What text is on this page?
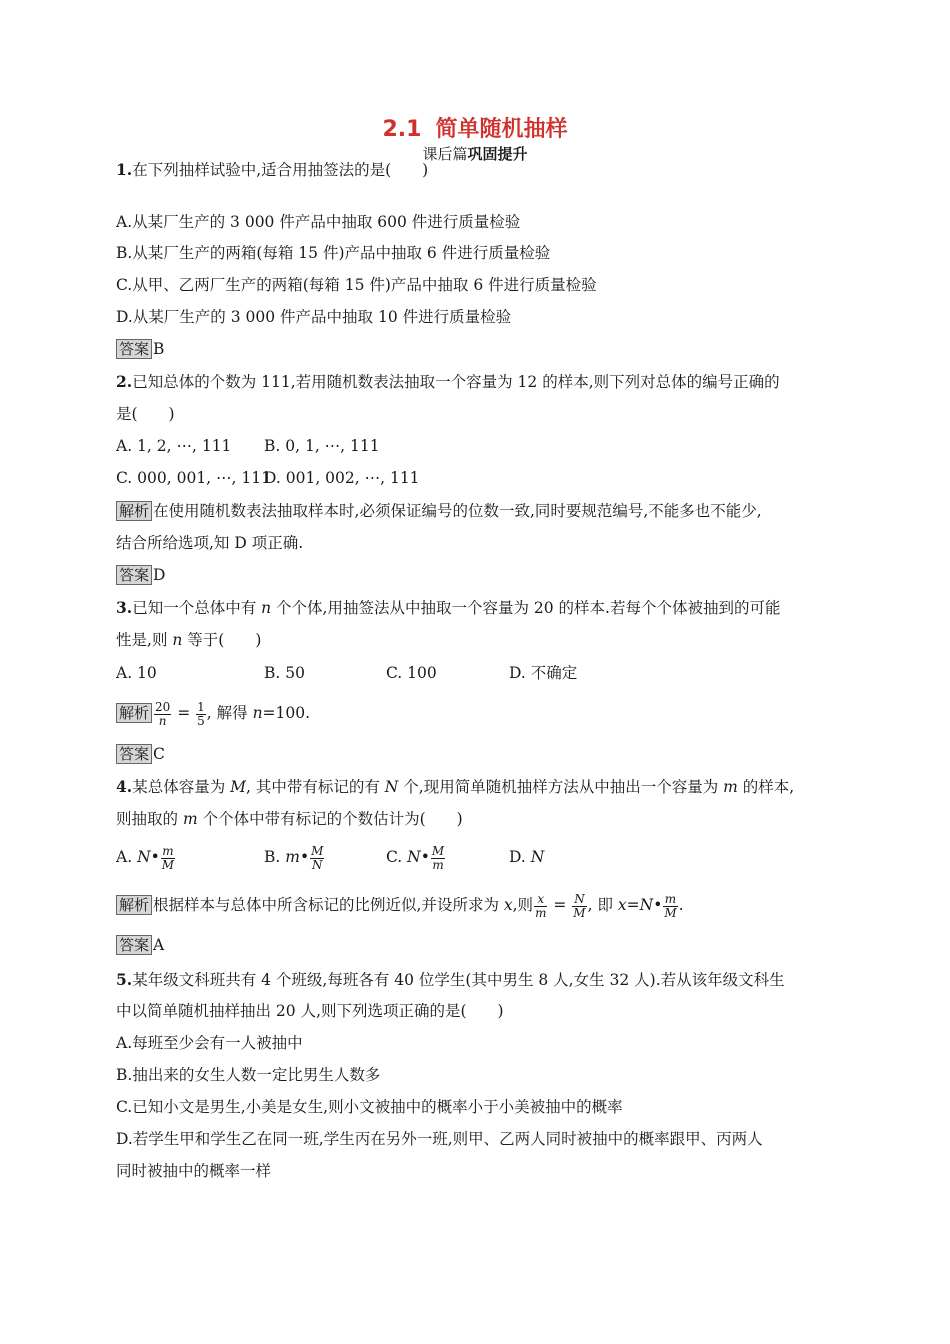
2.1 简单随机抽样
课后篇巩固提升
1.在下列抽样试验中,适合用抽签法的是(　　)
A.从某厂生产的 3 000 件产品中抽取 600 件进行质量检验
B.从某厂生产的两箱(每箱 15 件)产品中抽取 6 件进行质量检验
C.从甲、乙两厂生产的两箱(每箱 15 件)产品中抽取 6 件进行质量检验
D.从某厂生产的 3 000 件产品中抽取 10 件进行质量检验
答案 B
2.已知总体的个数为 111,若用随机数表法抽取一个容量为 12 的样本,则下列对总体的编号正确的
是(　　)
A. 1, 2, ⋯, 111 B. 0, 1, ⋯, 111
C. 000, 001, ⋯, 111
D. 001, 002, ⋯, 111
解析 在使用随机数表法抽取样本时,必须保证编号的位数一致,同时要规范编号,不能多也不能少,
结合所给选项,知 D 项正确.
答案 D
3.已知一个总体中有 n 个个体,用抽签法从中抽取一个容量为 20 的样本.若每个个体被抽到的可能
性是,则 n 等于(　　)
A. 10	B. 50	C. 100	D. 不确定
解析 $\frac{20}{n} = \frac{1}{5}$ , 解得 n=100.
答案 C
4.某总体容量为 M, 其中带有标记的有 N 个,现用简单随机抽样方法从中抽出一个容量为 m 的样本,
则抽取的 m 个个体中带有标记的个数估计为(　　)
A. N• $\frac{m}{M}$	B. m• $\frac{M}{N}$	C. N• $\frac{M}{m}$	D. N
解析 根据样本与总体中所含标记的比例近似,并设所求为 x,则 $\frac{x}{m} = \frac{N}{M}$ , 即 x=N• $\frac{m}{M}$ .
答案 A
5.某年级文科班共有 4 个班级,每班各有 40 位学生(其中男生 8 人,女生 32 人).若从该年级文科生
中以简单随机抽样抽出 20 人,则下列选项正确的是(　　)
A.每班至少会有一人被抽中
B.抽出来的女生人数一定比男生人数多
C.已知小文是男生,小美是女生,则小文被抽中的概率小于小美被抽中的概率
D.若学生甲和学生乙在同一班,学生丙在另外一班,则甲、乙两人同时被抽中的概率跟甲、丙两人
同时被抽中的概率一样
